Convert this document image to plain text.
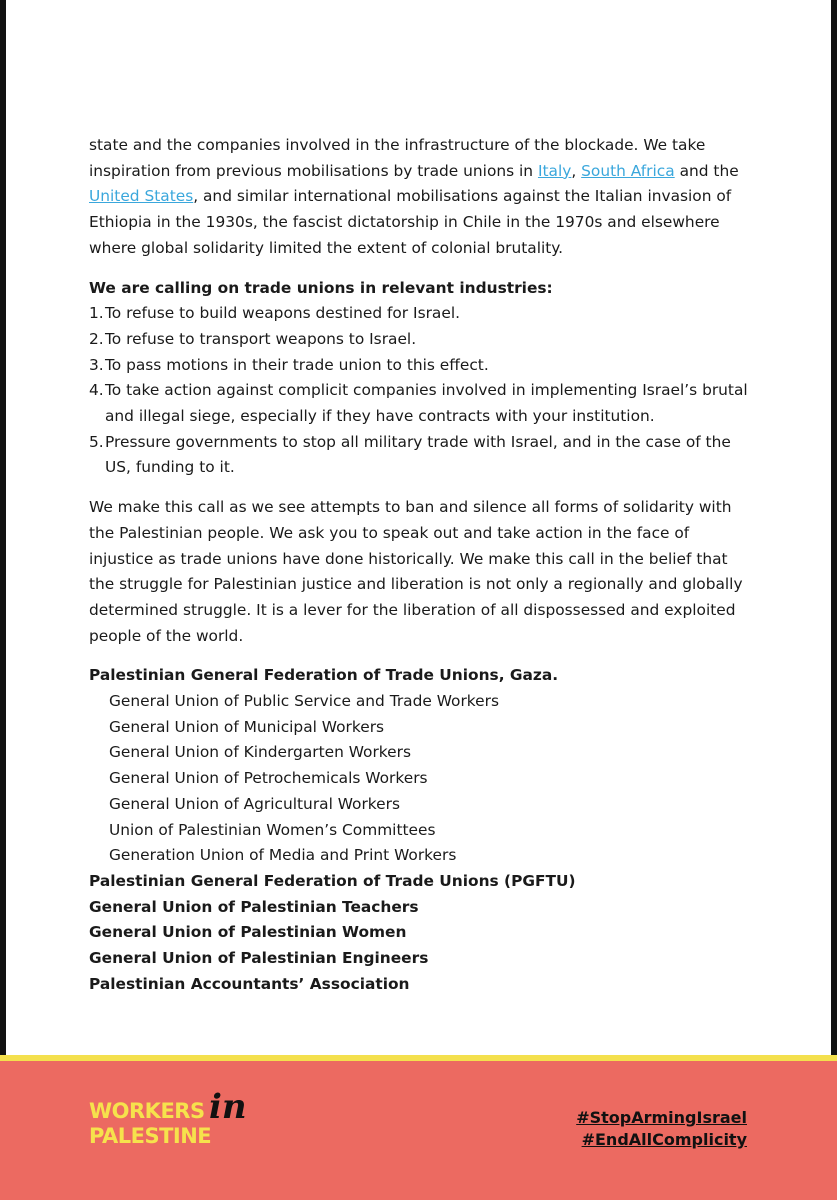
state and the companies involved in the infrastructure of the blockade. We take inspiration from previous mobilisations by trade unions in Italy, South Africa and the United States, and similar international mobilisations against the Italian invasion of Ethiopia in the 1930s, the fascist dictatorship in Chile in the 1970s and elsewhere where global solidarity limited the extent of colonial brutality.

We are calling on trade unions in relevant industries:

1. To refuse to build weapons destined for Israel.
2. To refuse to transport weapons to Israel.
3. To pass motions in their trade union to this effect.
4. To take action against complicit companies involved in implementing Israel’s brutal and illegal siege, especially if they have contracts with your institution.
5. Pressure governments to stop all military trade with Israel, and in the case of the US, funding to it.

We make this call as we see attempts to ban and silence all forms of solidarity with the Palestinian people. We ask you to speak out and take action in the face of injustice as trade unions have done historically. We make this call in the belief that the struggle for Palestinian justice and liberation is not only a regionally and globally determined struggle. It is a lever for the liberation of all dispossessed and exploited people of the world.

Palestinian General Federation of Trade Unions, Gaza.
General Union of Public Service and Trade Workers
General Union of Municipal Workers
General Union of Kindergarten Workers
General Union of Petrochemicals Workers
General Union of Agricultural Workers
Union of Palestinian Women’s Committees
Generation Union of Media and Print Workers
Palestinian General Federation of Trade Unions (PGFTU)
General Union of Palestinian Teachers
General Union of Palestinian Women
General Union of Palestinian Engineers
Palestinian Accountants’ Association
WORKERS in
PALESTINE
#StopArmingIsrael
#EndAllComplicity
